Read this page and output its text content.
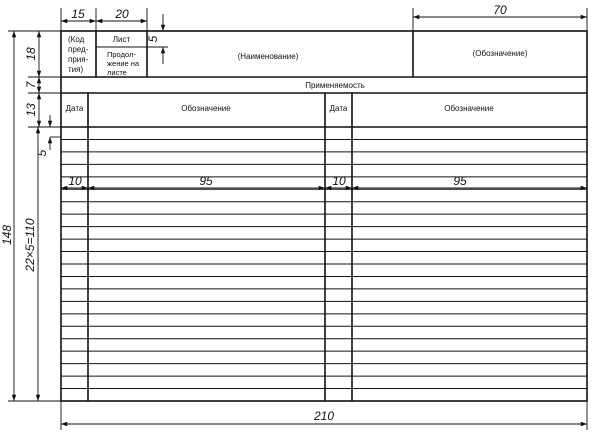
(Код
пред-
прия-
тия)
Лист
Продол-
жение на
листе
(Наименование)	(Обозначение)
Применяемость
Дата	Обозначение	Дата	Обозначение
15	20	70
5
18
7
13
5
148 22×5=110
10	95	10	95
210
